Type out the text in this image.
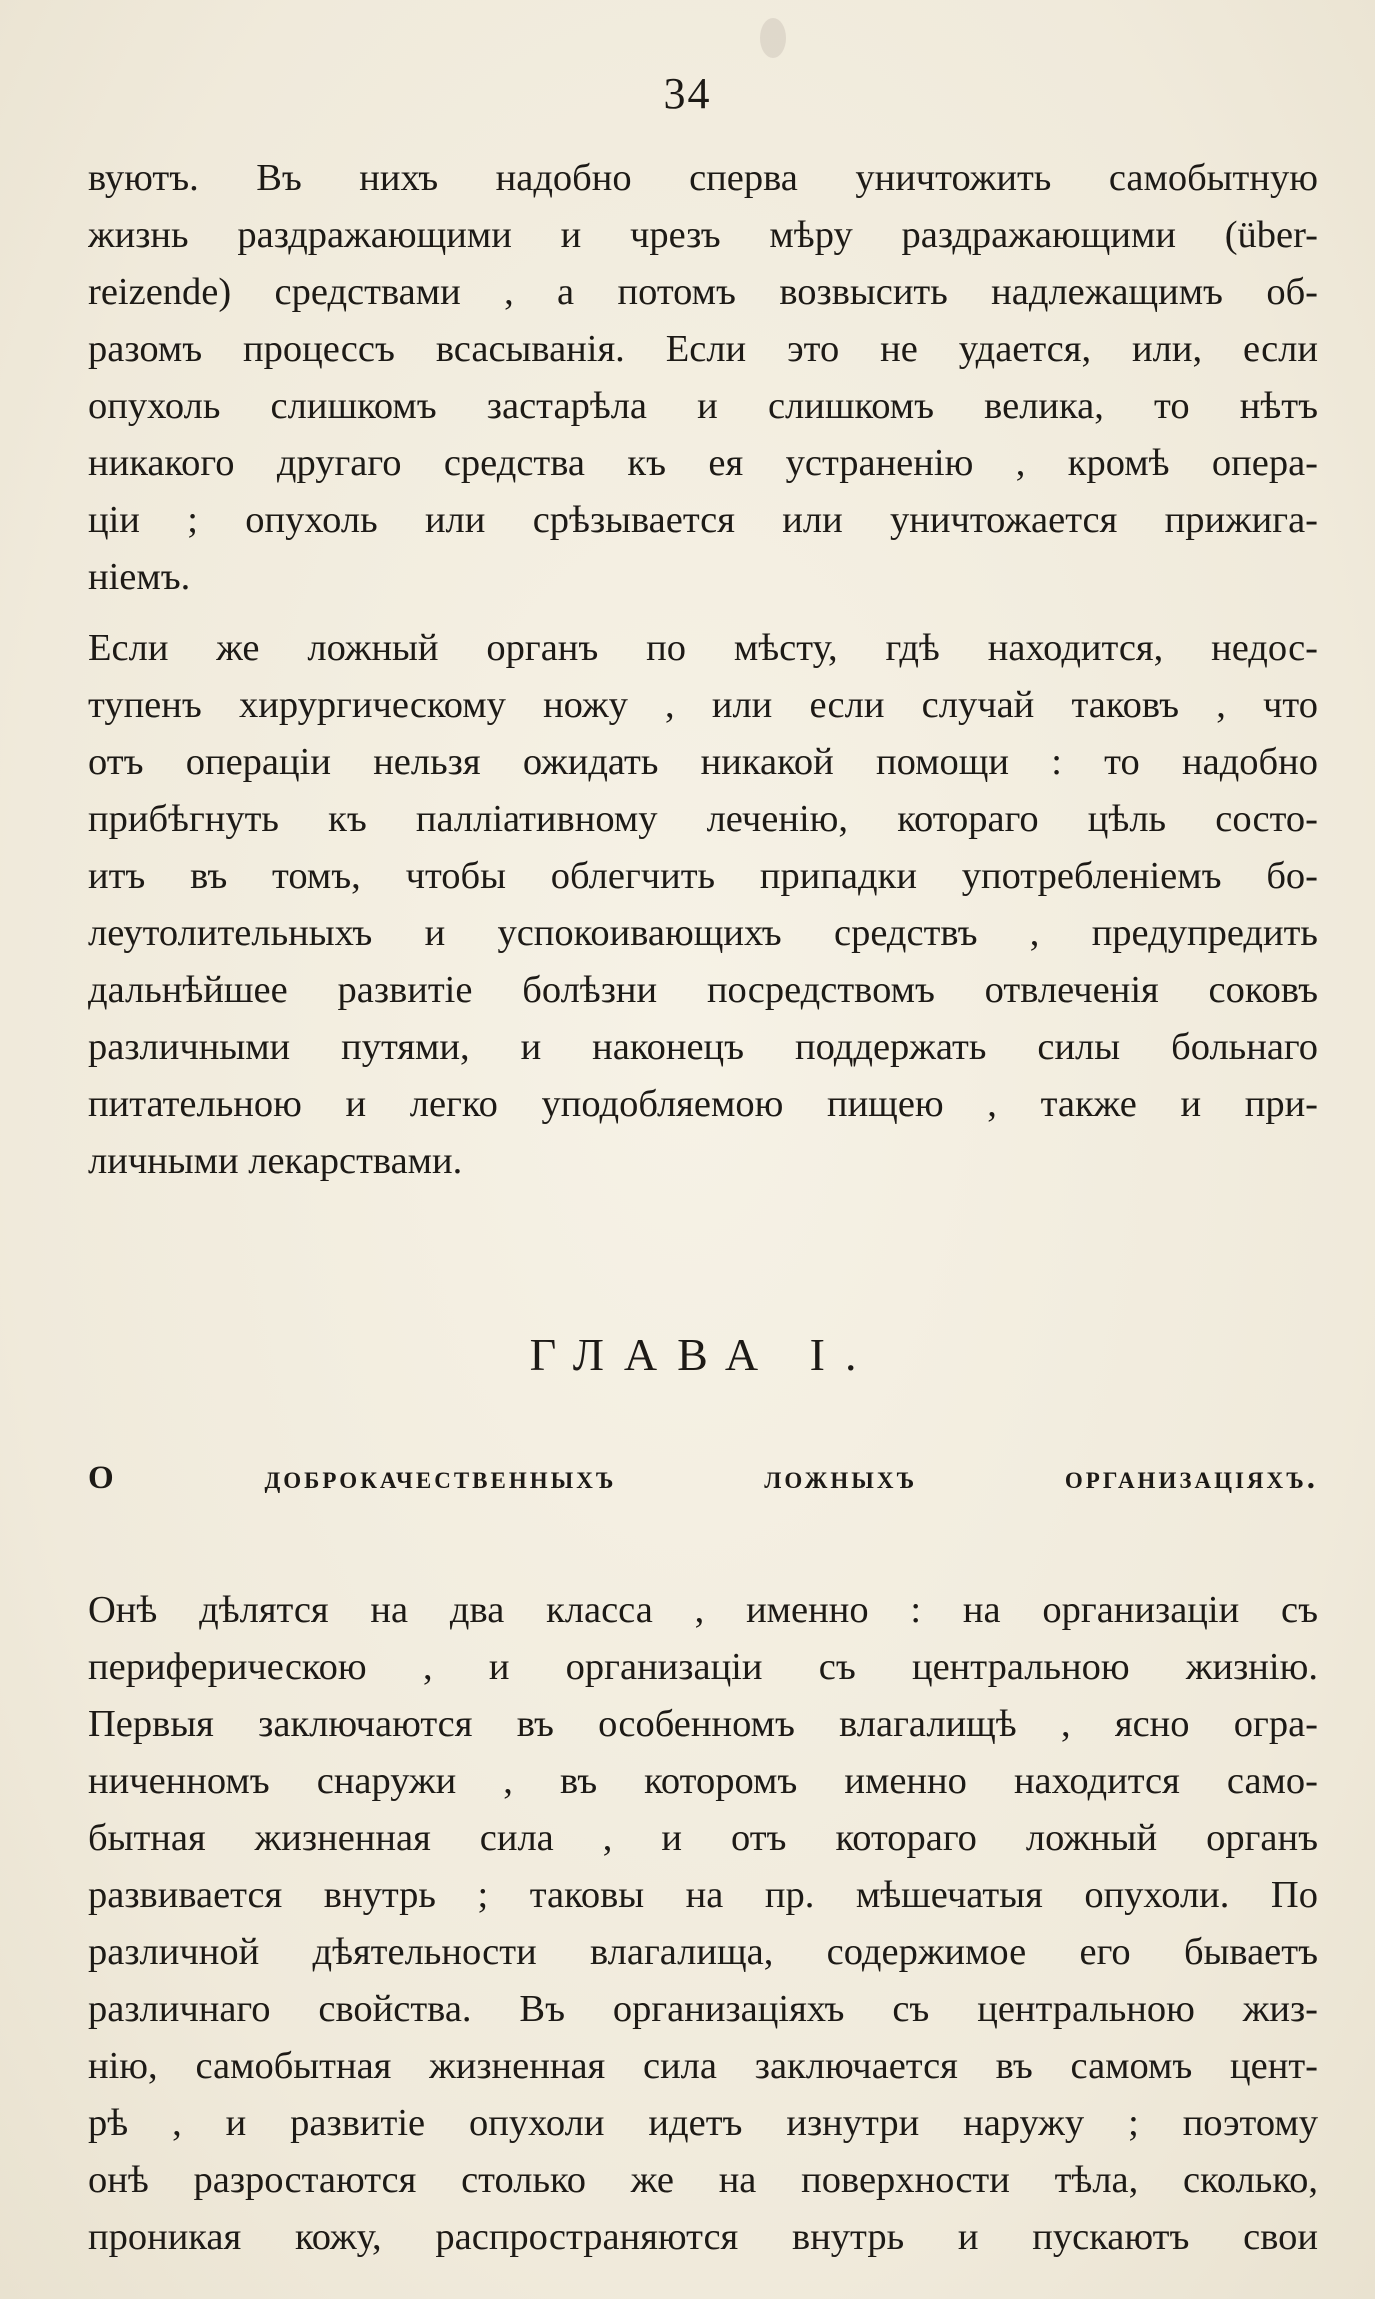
34
вуютъ. Въ нихъ надобно сперва уничтожить самобытную
жизнь раздражающими и чрезъ мѣру раздражающими (über-
reizende) средствами , а потомъ возвысить надлежащимъ об-
разомъ процессъ всасыванія. Если это не удается, или, если
опухоль слишкомъ застарѣла и слишкомъ велика, то нѣтъ
никакого другаго средства къ ея устраненію , кромѣ опера-
ціи ; опухоль или срѣзывается или уничтожается прижига-
ніемъ.
Если же ложный органъ по мѣсту, гдѣ находится, недос-
тупенъ хирургическому ножу , или если случай таковъ , что
отъ операціи нельзя ожидать никакой помощи : то надобно
прибѣгнуть къ палліативному леченію, котораго цѣль состо-
итъ въ томъ, чтобы облегчить припадки употребленіемъ бо-
леутолительныхъ и успокоивающихъ средствъ , предупредить
дальнѣйшее развитіе болѣзни посредствомъ отвлеченія соковъ
различными путями, и наконецъ поддержать силы больнаго
питательною и легко уподобляемою пищею , также и при-
личными лекарствами.
ГЛАВА I.
О доброкачественныхъ ложныхъ организаціяхъ.
Онѣ дѣлятся на два класса , именно : на организаціи съ
периферическою , и организаціи съ центральною жизнію.
Первыя заключаются въ особенномъ влагалищѣ , ясно огра-
ниченномъ снаружи , въ которомъ именно находится само-
бытная жизненная сила , и отъ котораго ложный органъ
развивается внутрь ; таковы на пр. мѣшечатыя опухоли. По
различной дѣятельности влагалища, содержимое его бываетъ
различнаго свойства. Въ организаціяхъ съ центральною жиз-
нію, самобытная жизненная сила заключается въ самомъ цент-
рѣ , и развитіе опухоли идетъ изнутри наружу ; поэтому
онѣ разростаются столько же на поверхности тѣла, сколько,
проникая кожу, распространяются внутрь и пускаютъ свои
